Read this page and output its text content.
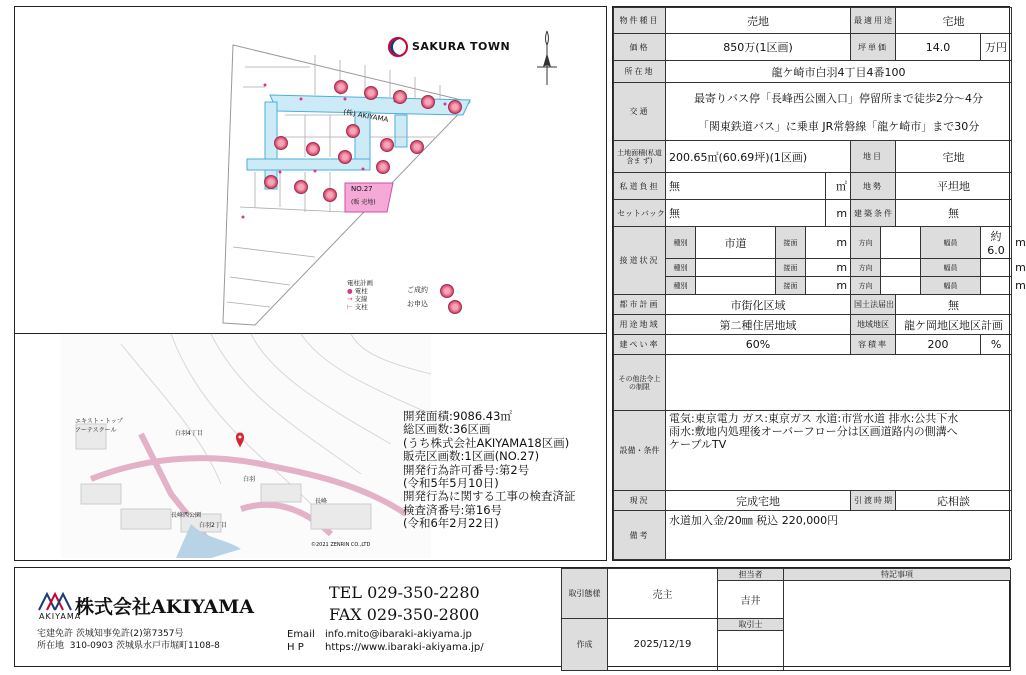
SAKURA TOWN
(株) AKIYAMA
NO.27
(販 売地)
電柱計画
● 電柱
→ 支線
⊢ 支柱
ご成約
お申込
エキスト・トップアーテスクール
白羽
長峰西公園
白羽4丁目
白羽2丁目
長峰
©2021 ZENRIN CO.,LTD
開発面積:9086.43㎡
総区画数:36区画
(うち株式会社AKIYAMA18区画)
販売区画数:1区画(NO.27)
開発行為許可番号:第2号
(令和5年5月10日)
開発行為に関する工事の検査済証
検査済番号:第16号
(令和6年2月22日)
物件種目	売地					最適用途		宅地			
価格	850万(1区画)					坪単価		14.0		万円	
所在地	龍ケ崎市白羽4丁目4番100										
交通	最寄りバス停「長峰西公園入口」停留所まで徒歩2分～4分
「関東鉄道バス」に乗車 JR常磐線「龍ケ崎市」まで30分										

土地面積(私道含ま ず)	200.65㎡(60.69坪)(1区画)					地目		宅地			
私道負担	無				㎡	地勢		平坦地			
セットバック	無				m	建築条件		無			
接道状況	種別	市道	接面	m		方向			幅員	約6.0	m
	種別		接面	m		方向			幅員		m
	種別		接面	m		方向			幅員		m
都市計画	市街化区域					国土法届出		無			
用途地域	第二種住居地域					地域地区		龍ケ岡地区地区計画			
建ぺい率	60%					容積率		200		%	
その他法令上の制限											
設備・条件	電気:東京電力 ガス:東京ガス 水道:市営水道 排水:公共下水
雨水:敷地内処理後オーバーフロー分は区画道路内の側溝へ
ケーブルTV										

現況	完成宅地					引渡時期		応相談			
備考	水道加入金/20㎜ 税込 220,000円										
株式会社AKIYAMA
AKIYAMA
宅建免許 茨城知事免許(2)第7357号
所在地 310-0903 茨城県水戸市堀町1108-8
TEL 029-350-2280
FAX 029-350-2800
Email info.mito@ibaraki-akiyama.jp
H P https://www.ibaraki-akiyama.jp/
取引態様	売主	担当者	特記事項
		吉井	
作成	2025/12/19	取引士	
